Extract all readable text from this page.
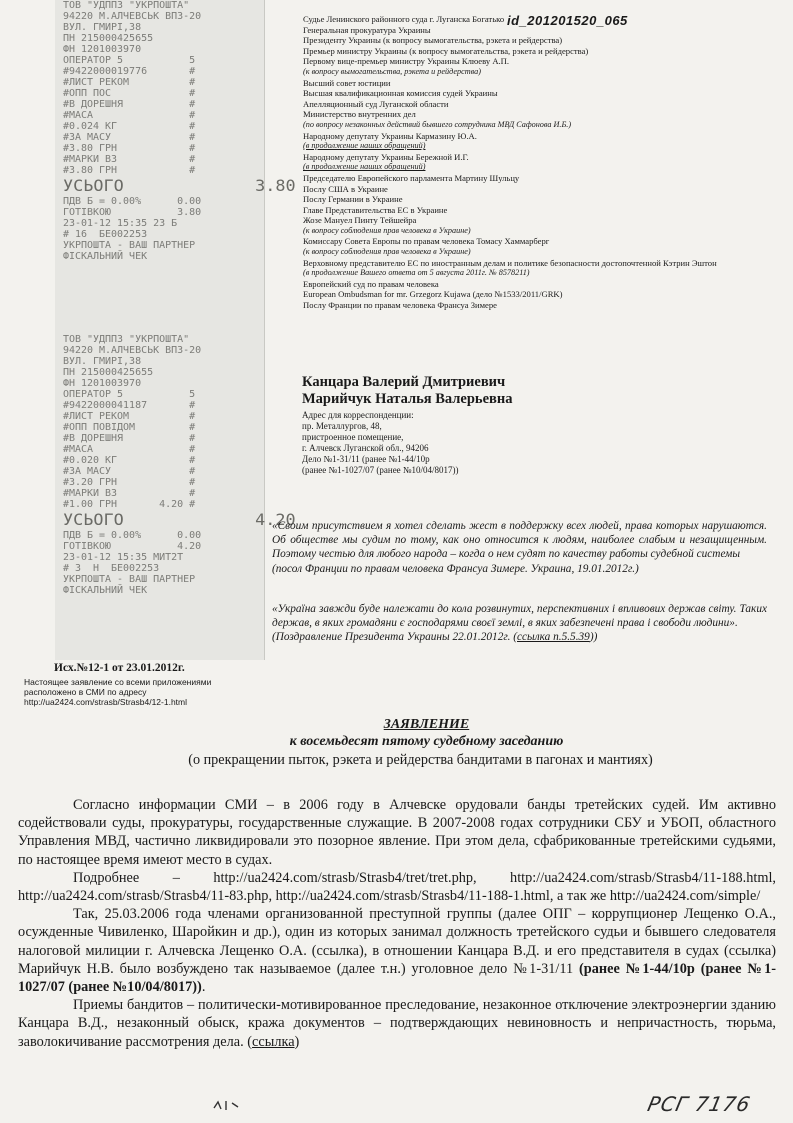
ТОВ "УДППЗ "УКРПОШТА"
94220 М.АЛЧЕВСЬК ВПЗ-20
ВУЛ. ГМИРІ,38
ПН 215000425655
ФН 1201003970
ОПЕРАТОР 5           5
#9422000019776       #
#ЛИСТ РЕКОМ          #
#ОПП ПОС             #
#В ДОРЕШНЯ           #
#МАСА                #
#0.024 КГ            #
#ЗА МАСУ             #
#3.80 ГРН            #
#МАРКИ ВЗ            #
#3.80 ГРН            #
УСЬОГО             3.80
ПДВ Б = 0.00%      0.00
ГОТІВКОЮ           3.80
23-01-12 15:35 23 Б
# 16  БЕ002253
УКРПОШТА - ВАШ ПАРТНЕР
ФІСКАЛЬНИЙ ЧЕК
ТОВ "УДППЗ "УКРПОШТА"
94220 М.АЛЧЕВСЬК ВПЗ-20
ВУЛ. ГМИРІ,38
ПН 215000425655
ФН 1201003970
ОПЕРАТОР 5           5
#9422000041187       #
#ЛИСТ РЕКОМ          #
#ОПП ПОВІДОМ         #
#В ДОРЕШНЯ           #
#МАСА                #
#0.020 КГ            #
#ЗА МАСУ             #
#3.20 ГРН            #
#МАРКИ ВЗ            #
#1.00 ГРН       4.20 #
УСЬОГО             4.20
ПДВ Б = 0.00%      0.00
ГОТІВКОЮ           4.20
23-01-12 15:35 МИТ2Т
# 3  Н  БЕ002253
УКРПОШТА - ВАШ ПАРТНЕР
ФІСКАЛЬНИЙ ЧЕК
Судье Ленинского районного суда г. Луганска Богатько
Генеральная прокуратура Украины
Президенту Украины (к вопросу вымогательства, рэкета и рейдерства)
Премьер министру Украины (к вопросу вымогательства, рэкета и рейдерства)
Первому вице-премьер министру Украины Клюеву А.П.
(к вопросу вымогательства, рэкета и рейдерства)
Высший совет юстиции
Высшая квалификационная комиссия судей Украины
Апелляционный суд Луганской области
Министерство внутренних дел
(по вопросу незаконных действий бывшего сотрудника МВД Сафонова И.Б.)
Народному депутату Украины Кармазину Ю.А.
(в продолжение наших обращений)
Народному депутату Украины Бережной И.Г.
(в продолжение наших обращений)
Председателю Европейского парламента Мартину Шульцу
Послу США в Украине
Послу Германии в Украине
Главе Представительства ЕС в Украине
Жозе Мануел Пинту Тейшейра
(к вопросу соблюдения прав человека в Украине)
Комиссару Совета Европы по правам человека Томасу Хаммарберг
(к вопросу соблюдения прав человека в Украине)
Верховному представителю ЕС по иностранным делам и политике безопасности достопочтенной Кэтрин Эштон
(в продолжение Вашего ответа от 5 августа 2011г. № 8578211)
Европейский суд по правам человека
European Ombudsman for mr. Grzegorz Kujawa (дело №1533/2011/GRK)
Послу Франции по правам человека Франсуа Зимере
id_201201520_065
Канцара Валерий Дмитриевич
Марийчук Наталья Валерьевна
Адрес для корреспонденции:
пр. Металлургов, 48,
пристроенное помещение,
г. Алчевск Луганской обл., 94206
Дело №1-31/11 (ранее №1-44/10р
(ранее №1-1027/07 (ранее №10/04/8017))
«Своим присутствием я хотел сделать жест в поддержку всех людей, права которых нарушаются. Об обществе мы судим по тому, как оно относится к людям, наиболее слабым и незащищенным. Поэтому честью для любого народа – когда о нем судят по качеству работы судебной системы
(посол Франции по правам человека Франсуа Зимере. Украина, 19.01.2012г.)
«Україна завжди буде належати до кола розвинутих, перспективних і впливових держав світу. Таких держав, в яких громадяни є господарями своєї землі, в яких забезпечені права і свободи людини».
(Поздравление Президента Украины 22.01.2012г. (ссылка п.5.5.39))
Исх.№12-1 от 23.01.2012г.
Настоящее заявление со всеми приложениями расположено в СМИ по адресу http://ua2424.com/strasb/Strasb4/12-1.html
ЗАЯВЛЕНИЕ
к восемьдесят пятому судебному заседанию
(о прекращении пыток, рэкета и рейдерства бандитами в пагонах и мантиях)

Согласно информации СМИ – в 2006 году в Алчевске орудовали банды третейских судей. Им активно содействовали суды, прокуратуры, государственные служащие. В 2007-2008 годах сотрудники СБУ и УБОП, областного Управления МВД, частично ликвидировали это позорное явление. При этом дела, сфабрикованные третейскими судьями, по настоящее время имеют место в судах.

Подробнее – http://ua2424.com/strasb/Strasb4/tret/tret.php, http://ua2424.com/strasb/Strasb4/11-188.html, http://ua2424.com/strasb/Strasb4/11-83.php, http://ua2424.com/strasb/Strasb4/11-188-1.html, а так же http://ua2424.com/simple/

Так, 25.03.2006 года членами организованной преступной группы (далее ОПГ – коррупционер Лещенко О.А., осужденные Чивиленко, Шаройкин и др.), один из которых занимал должность третейского судьи и бывшего следователя налоговой милиции г. Алчевска Лещенко О.А. (ссылка), в отношении Канцара В.Д. и его представителя в судах (ссылка) Марийчук Н.В. было возбуждено так называемое (далее т.н.) уголовное дело №1-31/11 (ранее №1-44/10р (ранее №1-1027/07 (ранее №10/04/8017)).

Приемы бандитов – политически-мотивированное преследование, незаконное отключение электроэнергии зданию Канцара В.Д., незаконный обыск, кража документов – подтверждающих невиновность и непричастность, тюрьма, заволокичивание рассмотрения дела. (ссылка)

РСГ 7176
